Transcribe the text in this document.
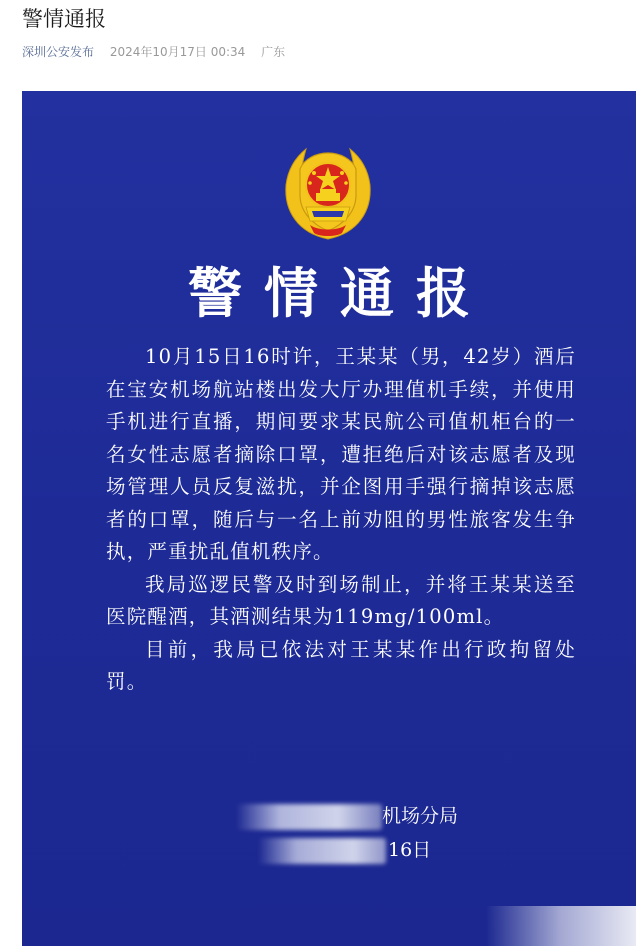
警情通报
深圳公安发布 2024年10月17日 00:34 广东
警情通报

10月15日16时许，王某某（男，42岁）酒后在宝安机场航站楼出发大厅办理值机手续，并使用手机进行直播，期间要求某民航公司值机柜台的一名女性志愿者摘除口罩，遭拒绝后对该志愿者及现场管理人员反复滋扰，并企图用手强行摘掉该志愿者的口罩，随后与一名上前劝阻的男性旅客发生争执，严重扰乱值机秩序。

我局巡逻民警及时到场制止，并将王某某送至医院醒酒，其酒测结果为119mg/100ml。

目前，我局已依法对王某某作出行政拘留处罚。

机场分局
16日
